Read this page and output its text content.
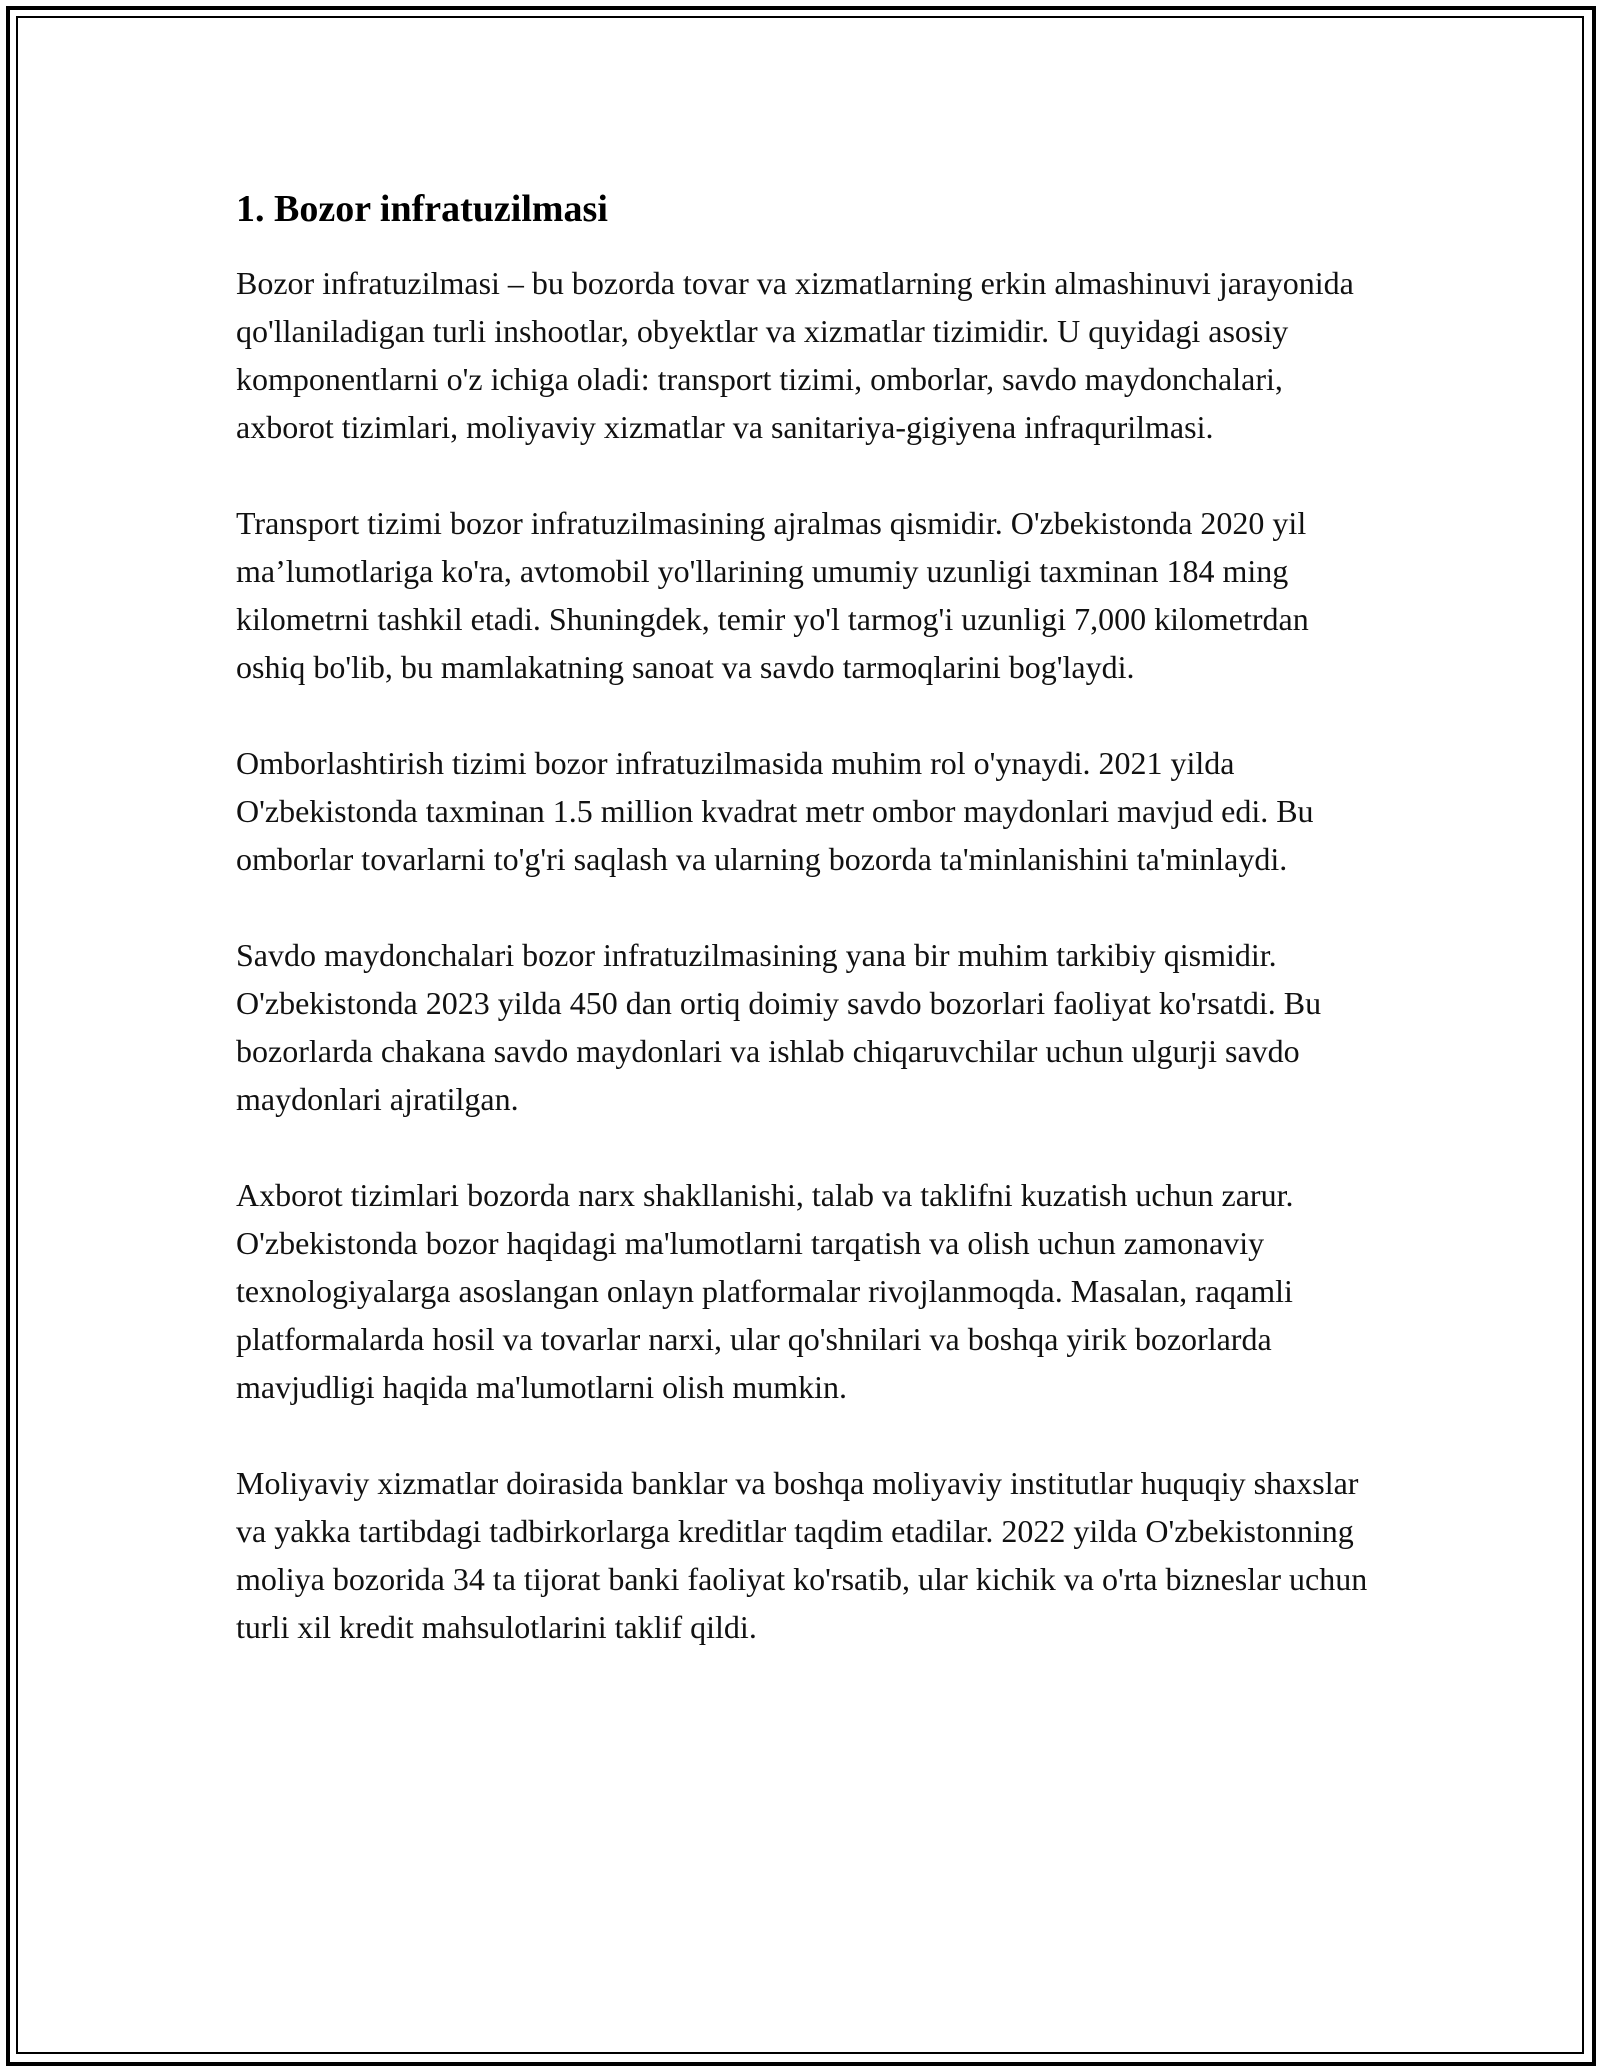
1. Bozor infratuzilmasi

Bozor infratuzilmasi – bu bozorda tovar va xizmatlarning erkin almashinuvi jarayonida qo'llaniladigan turli inshootlar, obyektlar va xizmatlar tizimidir. U quyidagi asosiy komponentlarni o'z ichiga oladi: transport tizimi, omborlar, savdo maydonchalari, axborot tizimlari, moliyaviy xizmatlar va sanitariya-gigiyena infraqurilmasi.

Transport tizimi bozor infratuzilmasining ajralmas qismidir. O'zbekistonda 2020 yil ma’lumotlariga ko'ra, avtomobil yo'llarining umumiy uzunligi taxminan 184 ming kilometrni tashkil etadi. Shuningdek, temir yo'l tarmog'i uzunligi 7,000 kilometrdan oshiq bo'lib, bu mamlakatning sanoat va savdo tarmoqlarini bog'laydi.

Omborlashtirish tizimi bozor infratuzilmasida muhim rol o'ynaydi. 2021 yilda O'zbekistonda taxminan 1.5 million kvadrat metr ombor maydonlari mavjud edi. Bu omborlar tovarlarni to'g'ri saqlash va ularning bozorda ta'minlanishini ta'minlaydi.

Savdo maydonchalari bozor infratuzilmasining yana bir muhim tarkibiy qismidir. O'zbekistonda 2023 yilda 450 dan ortiq doimiy savdo bozorlari faoliyat ko'rsatdi. Bu bozorlarda chakana savdo maydonlari va ishlab chiqaruvchilar uchun ulgurji savdo maydonlari ajratilgan.

Axborot tizimlari bozorda narx shakllanishi, talab va taklifni kuzatish uchun zarur. O'zbekistonda bozor haqidagi ma'lumotlarni tarqatish va olish uchun zamonaviy texnologiyalarga asoslangan onlayn platformalar rivojlanmoqda. Masalan, raqamli platformalarda hosil va tovarlar narxi, ular qo'shnilari va boshqa yirik bozorlarda mavjudligi haqida ma'lumotlarni olish mumkin.

Moliyaviy xizmatlar doirasida banklar va boshqa moliyaviy institutlar huquqiy shaxslar va yakka tartibdagi tadbirkorlarga kreditlar taqdim etadilar. 2022 yilda O'zbekistonning moliya bozorida 34 ta tijorat banki faoliyat ko'rsatib, ular kichik va o'rta bizneslar uchun turli xil kredit mahsulotlarini taklif qildi.
